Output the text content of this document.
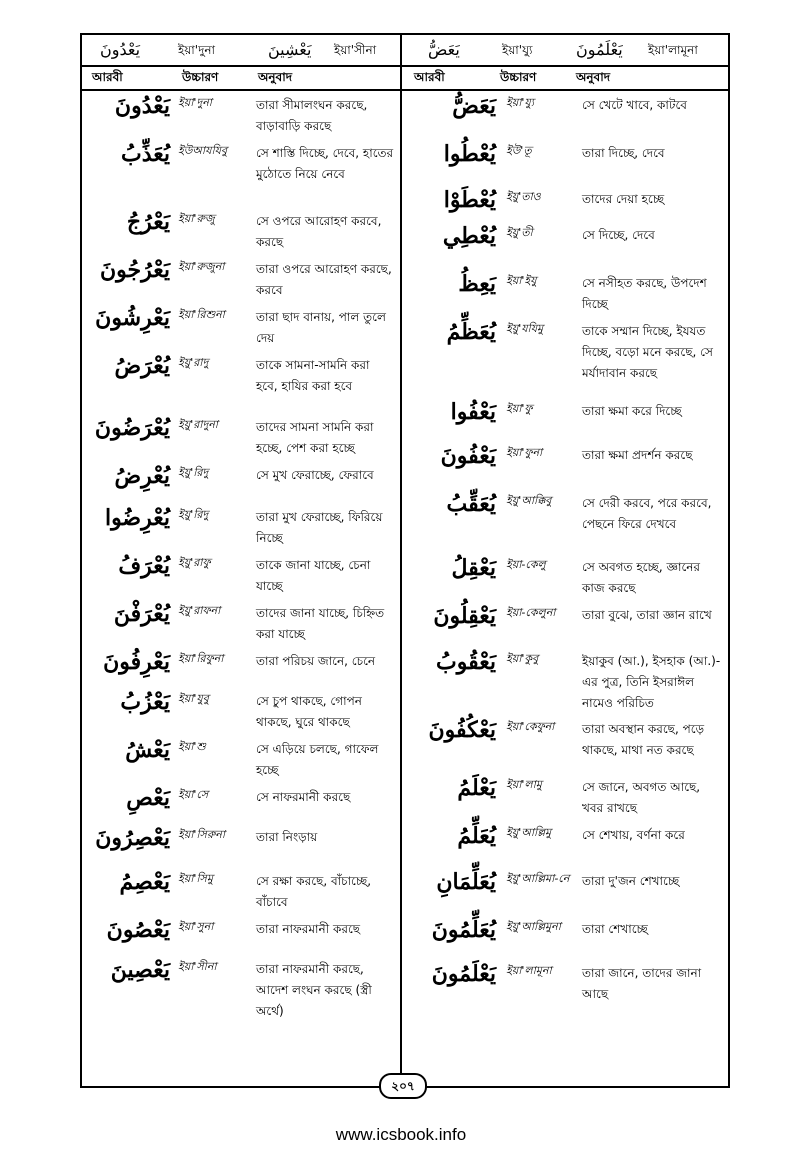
يَعْدُونَ	ইয়া'দুনা	يَعْشِينَ ইয়া'সীনা	يَعَضُّ	ইয়া'য্যু	يَعْلَمُونَ ইয়া'লামূনা
আরবী	উচ্চারণ	অনুবাদ	আরবী	উচ্চারণ	অনুবাদ
يَعْدُونَ ইয়া'দুনা	তারা সীমালংঘন করছে, বাড়াবাড়ি করছে
يُعَذِّبُ ইউআযযিবু	সে শাস্তি দিচ্ছে, দেবে, হাতের মুঠোতে নিয়ে নেবে
يَعْرُجُ ইয়া'রুজু	সে ওপরে আরোহণ করবে, করছে
يَعْرُجُونَ ইয়া'রুজুনা	তারা ওপরে আরোহণ করছে, করবে
يَعْرِشُونَ ইয়া'রিশুনা	তারা ছাদ বানায়, পাল তুলে দেয়
يُعْرَضُ ইয়ু'রাদু	তাকে সামনা-সামনি করা হবে, হাযির করা হবে
يُعْرَضُونَ ইয়ু'রাদুনা	তাদের সামনা সামনি করা হচ্ছে, পেশ করা হচ্ছে
يُعْرِضُ ইয়ু'রিদু	সে মুখ ফেরাচ্ছে, ফেরাবে
يُعْرِضُوا ইয়ু'রিদু	তারা মুখ ফেরাচ্ছে, ফিরিয়ে নিচ্ছে
يُعْرَفُ ইয়ু'রাফু	তাকে জানা যাচ্ছে, চেনা যাচ্ছে
يُعْرَفْنَ ইয়ু'রাফনা	তাদের জানা যাচ্ছে, চিহ্নিত করা যাচ্ছে
يَعْرِفُونَ ইয়া'রিফুনা	তারা পরিচয় জানে, চেনে
يَعْزُبُ ইয়া'যুবু	সে চুপ থাকছে, গোপন থাকছে, ঘুরে থাকছে
يَعْشُ ইয়া'শু	সে এড়িয়ে চলছে, গাফেল হচ্ছে
يَعْصِ ইয়া'সে	সে নাফরমানী করছে
يَعْصِرُونَ ইয়া'সিরুনা	তারা নিংড়ায়
يَعْصِمُ ইয়া'সিমু	সে রক্ষা করছে, বাঁচাচ্ছে, বাঁচাবে
يَعْصُونَ ইয়া'সুনা	তারা নাফরমানী করছে
يَعْصِينَ ইয়া'সীনা	তারা নাফরমানী করছে, আদেশ লংঘন করছে (স্ত্রী অর্থে)
يَعَضُّ ইয়া'য্যু	সে খেটে খাবে, কাটবে
يُعْطُوا ইউ'তূ	তারা দিচ্ছে, দেবে
يُعْطَوْا ইয়ু'তাও	তাদের দেয়া হচ্ছে
يُعْطِي ইয়ু'তী	সে দিচ্ছে, দেবে
يَعِظُ ইয়া'ইযু	সে নসীহত করছে, উপদেশ দিচ্ছে
يُعَظِّمُ ইয়ু'যযিমু	তাকে সম্মান দিচ্ছে, ইযযত দিচ্ছে, বড়ো মনে করছে, সে মর্যাদাবান করছে
يَعْفُوا ইয়া'ফু	তারা ক্ষমা করে দিচ্ছে
يَعْفُونَ ইয়া'ফুনা	তারা ক্ষমা প্রদর্শন করছে
يُعَقِّبُ ইয়ু'আক্কিবু	সে দেরী করবে, পরে করবে, পেছনে ফিরে দেখবে
يَعْقِلُ ইয়া-কেলু	সে অবগত হচ্ছে, জ্ঞানের কাজ করছে
يَعْقِلُونَ ইয়া-কেলুনা	তারা বুঝে, তারা জ্ঞান রাখে
يَعْقُوبُ ইয়া'কুবু	ইয়াকুব (আ.), ইসহাক (আ.)-এর পুত্র, তিনি ইসরাঈল নামেও পরিচিত
يَعْكُفُونَ ইয়া'কেফুনা	তারা অবস্থান করছে, পড়ে থাকছে, মাথা নত করছে
يَعْلَمُ ইয়া'লামু	সে জানে, অবগত আছে, খবর রাখছে
يُعَلِّمُ ইয়ু'আল্লিমু	সে শেখায়, বর্ণনা করে
يُعَلِّمَانِ ইয়ু'আল্লিমা-নে	তারা দু'জন শেখাচ্ছে
يُعَلِّمُونَ ইয়ু'আল্লিমুনা	তারা শেখাচ্ছে
يَعْلَمُونَ ইয়া'লামূনা	তারা জানে, তাদের জানা আছে
২০৭
www.icsbook.info
